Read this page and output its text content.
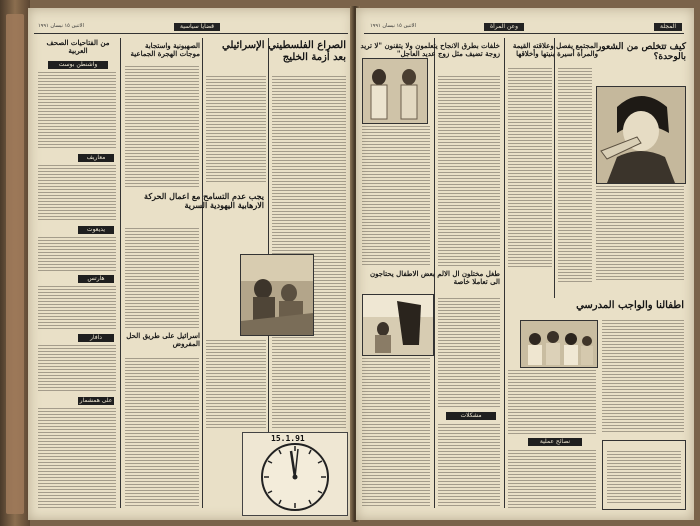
الاثنين ١٥ نيسان ١٩٩١	قضايا سياسية
من الفتاحيات الصحف العربية
واشنطن بوست
معاريف
يديعوت
هآرتس
دافار
على همشمار
الصهيونية واستجابة موجات الهجرة الجماعية
يجب عدم التسامح مع اعمال الحركة الارهابية اليهودية السرية
اسرائيل على طريق الحل المفروض
الصراع الفلسطيني الإسرائيلي بعد أزمة الخليج
15.1.91
الاثنين ١٥ نيسان ١٩٩١	وعن المرأة	المجلة
خلفات بطرق الانجاح يتعلمون ولا يتقنون "لا تريد زوجة تضيف مثل زوج عديد العاجل"
المجتمع يفصل وعلاقته القيمة والمرأة أسيرة بنيتها وأخلاقها
كيف تتخلص من الشعور بالوحدة؟
طغل مختلون ال الالم بعض الاطفال يحتاجون الى تعاملا خاصة
مشكلات
اطفالنا والواجب المدرسي
نصائح عملية
